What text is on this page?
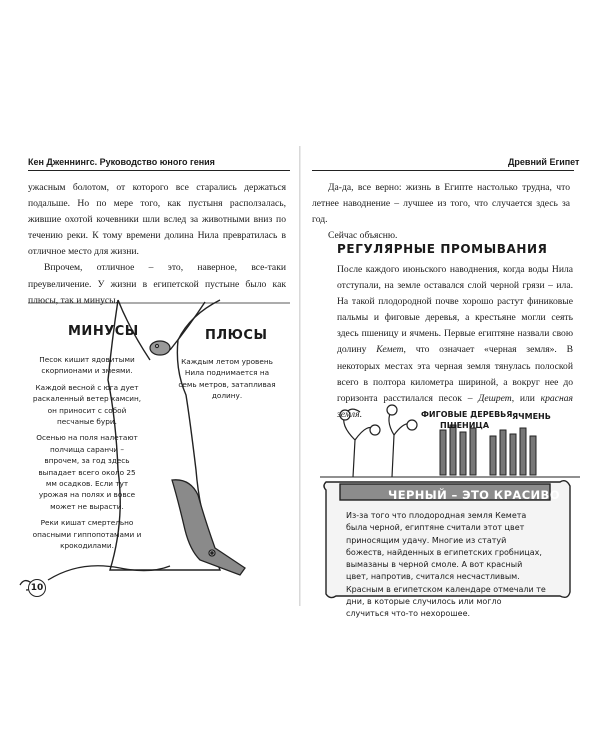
Кен Дженнингс. Руководство юного гения	Древний Египет

ужасным болотом, от которого все старались держаться подальше. Но по мере того, как пустыня расползалась, жившие охотой кочевники шли вслед за животными вниз по течению реки. К тому времени долина Нила превратилась в отличное место для жизни.

Впрочем, отличное – это, наверное, все-таки преувеличение. У жизни в египетской пустыне было как плюсы, так и минусы.

МИНУСЫ	ПЛЮСЫ

Песок кишит ядовитыми скорпионами и змеями.

Каждой весной с юга дует раскаленный ветер хамсин, он приносит с собой песчаные бури.

Осенью на поля налетают полчища саранчи – впрочем, за год здесь выпадает всего около 25 мм осадков. Если тут урожая на полях и вовсе может не вырасти.

Реки кишат смертельно опасными гиппопотамами и крокодилами.

Каждым летом уровень Нила поднимается на семь метров, затапливая долину.

10

Да-да, все верно: жизнь в Египте настолько трудна, что летнее наводнение – лучшее из того, что случается здесь за год.

Сейчас объясню.

РЕГУЛЯРНЫЕ ПРОМЫВАНИЯ

После каждого июньского наводнения, когда воды Нила отступали, на земле оставался слой черной грязи – ила. На такой плодородной почве хорошо растут финиковые пальмы и фиговые деревья, а крестьяне могли сеять здесь пшеницу и ячмень. Первые египтяне назвали свою долину Кемет, что означает «черная земля». В некоторых местах эта черная земля тянулась полоской всего в полтора километра шириной, а вокруг нее до горизонта расстилался песок – Дешрет, или красная земля.	ФИГОВЫЕ ДЕРЕВЬЯ
ПШЕНИЦА
ЯЧМЕНЬ
ЧЕРНЫЙ – ЭТО КРАСИВО
Из-за того что плодородная земля Кемета была черной, египтяне считали этот цвет приносящим удачу. Многие из статуй божеств, найденных в египетских гробницах, вымазаны в черной смоле. А вот красный цвет, напротив, считался несчастливым. Красным в египетском календаре отмечали те дни, в которые случилось или могло случиться что-то нехорошее.
